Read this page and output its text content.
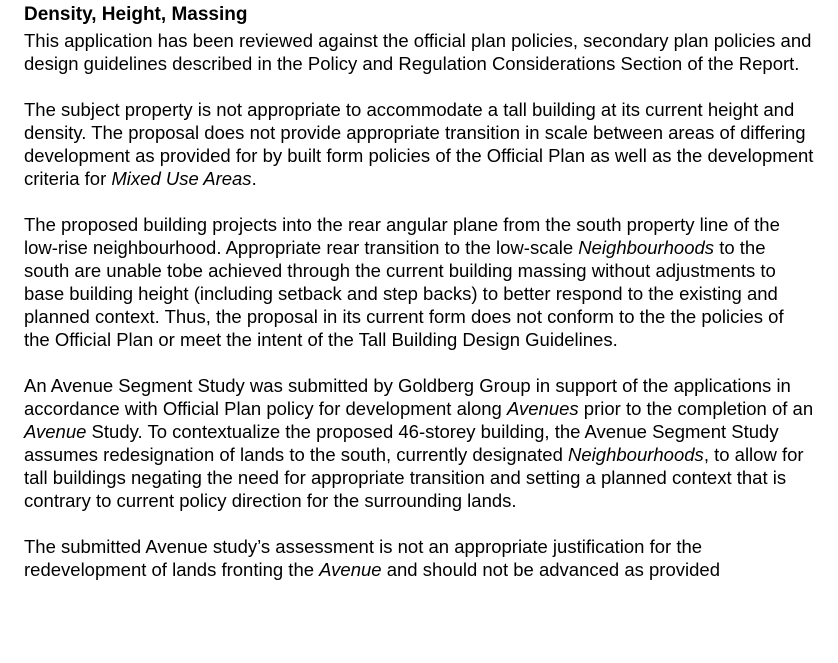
Density, Height, Massing

This application has been reviewed against the official plan policies, secondary plan policies and design guidelines described in the Policy and Regulation Considerations Section of the Report.

The subject property is not appropriate to accommodate a tall building at its current height and density. The proposal does not provide appropriate transition in scale between areas of differing development as provided for by built form policies of the Official Plan as well as the development criteria for Mixed Use Areas.

The proposed building projects into the rear angular plane from the south property line of the low-rise neighbourhood. Appropriate rear transition to the low-scale Neighbourhoods to the south are unable tobe achieved through the current building massing without adjustments to base building height (including setback and step backs) to better respond to the existing and planned context. Thus, the proposal in its current form does not conform to the the policies of the Official Plan or meet the intent of the Tall Building Design Guidelines.

An Avenue Segment Study was submitted by Goldberg Group in support of the applications in accordance with Official Plan policy for development along Avenues prior to the completion of an Avenue Study. To contextualize the proposed 46-storey building, the Avenue Segment Study assumes redesignation of lands to the south, currently designated Neighbourhoods, to allow for tall buildings negating the need for appropriate transition and setting a planned context that is contrary to current policy direction for the surrounding lands.

The submitted Avenue study’s assessment is not an appropriate justification for the redevelopment of lands fronting the Avenue and should not be advanced as provided
